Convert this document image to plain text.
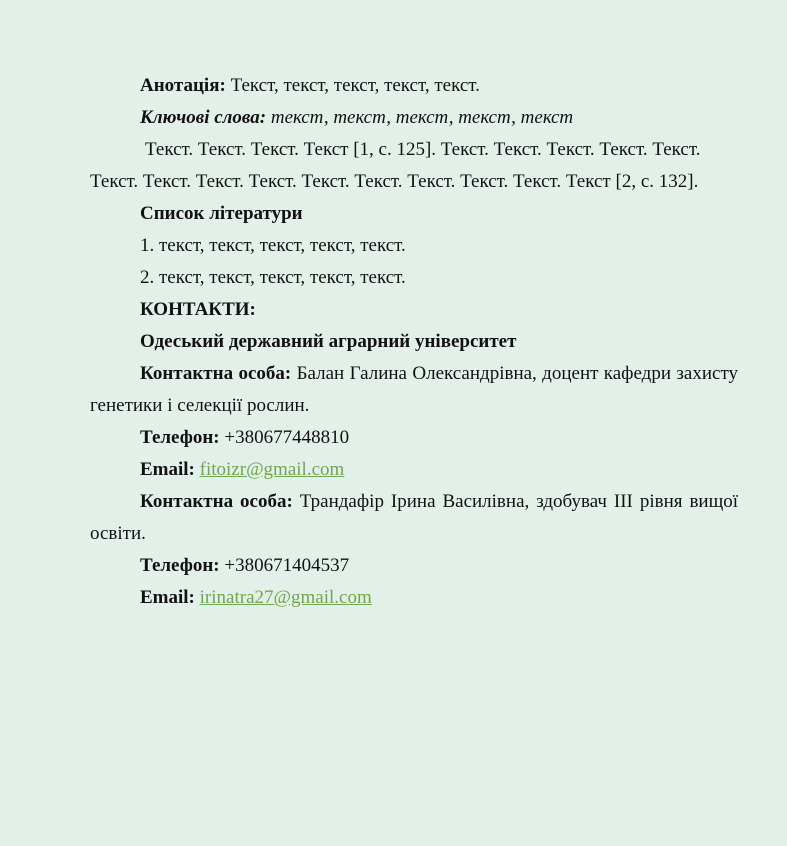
Анотація: Текст, текст, текст, текст, текст.

Ключові слова: текст, текст, текст, текст, текст

Текст. Текст. Текст. Текст [1, с. 125]. Текст. Текст. Текст. Текст. Текст.
Текст. Текст. Текст. Текст. Текст. Текст. Текст. Текст. Текст. Текст [2, с. 132].

Список літератури

1. текст, текст, текст, текст, текст.

2. текст, текст, текст, текст, текст.

КОНТАКТИ:

Одеський державний аграрний університет

Контактна особа: Балан Галина Олександрівна, доцент кафедри захисту генетики і селекції рослин.

Телефон: +380677448810

Email: fitoizr@gmail.com

Контактна особа: Трандафір Ірина Василівна, здобувач ІІІ рівня вищої освіти.

Телефон: +380671404537

Email: irinatra27@gmail.com
